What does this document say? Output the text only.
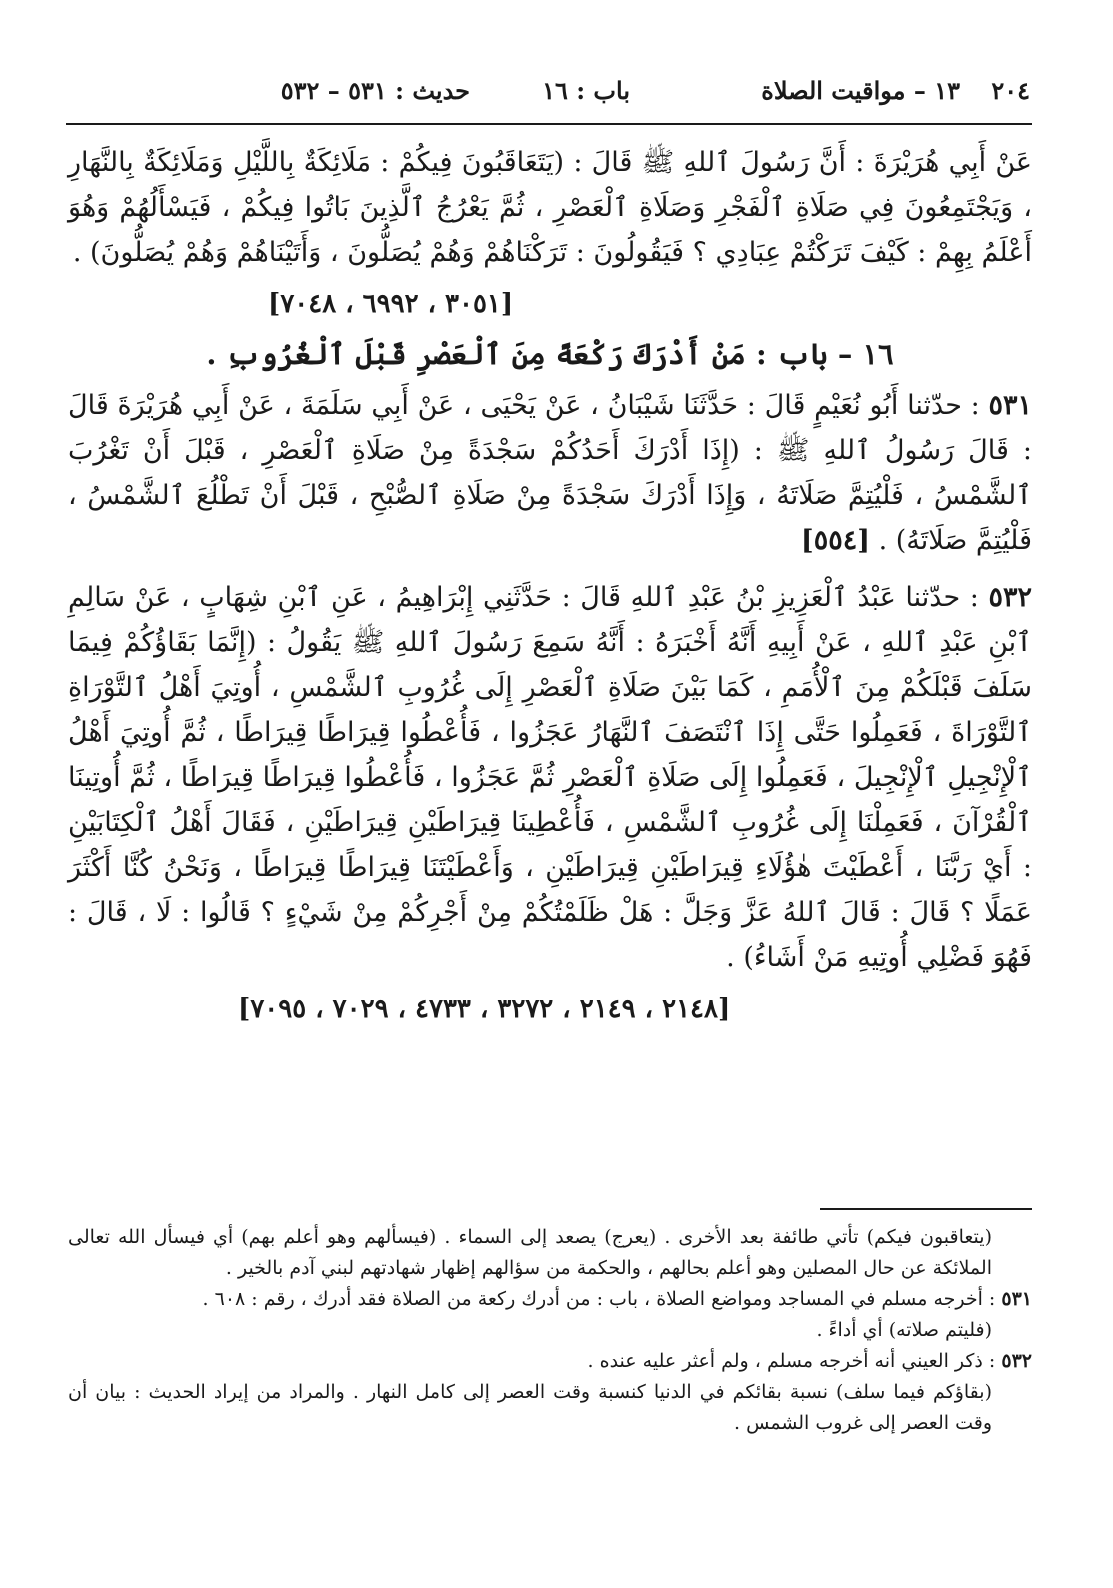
٢٠٤
١٣ – مواقيت الصلاة
باب : ١٦
حديث : ٥٣١ – ٥٣٢

عَنْ أَبِي هُرَيْرَةَ : أَنَّ رَسُولَ ٱللهِ ﷺ قَالَ : (يَتَعَاقَبُونَ فِيكُمْ : مَلَائِكَةٌ بِاللَّيْلِ وَمَلَائِكَةٌ بِالنَّهَارِ ، وَيَجْتَمِعُونَ فِي صَلَاةِ ٱلْفَجْرِ وَصَلَاةِ ٱلْعَصْرِ ، ثُمَّ يَعْرُجُ ٱلَّذِينَ بَاتُوا فِيكُمْ ، فَيَسْأَلُهُمْ وَهُوَ أَعْلَمُ بِهِمْ : كَيْفَ تَرَكْتُمْ عِبَادِي ؟ فَيَقُولُونَ : تَرَكْنَاهُمْ وَهُمْ يُصَلُّونَ ، وَأَتَيْنَاهُمْ وَهُمْ يُصَلُّونَ) .

[٣٠٥١ ، ٦٩٩٢ ، ٧٠٤٨]

١٦ – باب : مَنْ أَدْرَكَ رَكْعَةً مِنَ ٱلْعَصْرِ قَبْلَ ٱلْغُرُوبِ .

٥٣١ : حدّثنا أَبُو نُعَيْمٍ قَالَ : حَدَّثَنَا شَيْبَانُ ، عَنْ يَحْيَى ، عَنْ أَبِي سَلَمَةَ ، عَنْ أَبِي هُرَيْرَةَ قَالَ : قَالَ رَسُولُ ٱللهِ ﷺ : (إِذَا أَدْرَكَ أَحَدُكُمْ سَجْدَةً مِنْ صَلَاةِ ٱلْعَصْرِ ، قَبْلَ أَنْ تَغْرُبَ ٱلشَّمْسُ ، فَلْيُتِمَّ صَلَاتَهُ ، وَإِذَا أَدْرَكَ سَجْدَةً مِنْ صَلَاةِ ٱلصُّبْحِ ، قَبْلَ أَنْ تَطْلُعَ ٱلشَّمْسُ ، فَلْيُتِمَّ صَلَاتَهُ) . [٥٥٤]

٥٣٢ : حدّثنا عَبْدُ ٱلْعَزِيزِ بْنُ عَبْدِ ٱللهِ قَالَ : حَدَّثَنِي إِبْرَاهِيمُ ، عَنِ ٱبْنِ شِهَابٍ ، عَنْ سَالِمِ ٱبْنِ عَبْدِ ٱللهِ ، عَنْ أَبِيهِ أَنَّهُ أَخْبَرَهُ : أَنَّهُ سَمِعَ رَسُولَ ٱللهِ ﷺ يَقُولُ : (إِنَّمَا بَقَاؤُكُمْ فِيمَا سَلَفَ قَبْلَكُمْ مِنَ ٱلْأُمَمِ ، كَمَا بَيْنَ صَلَاةِ ٱلْعَصْرِ إِلَى غُرُوبِ ٱلشَّمْسِ ، أُوتِيَ أَهْلُ ٱلتَّوْرَاةِ ٱلتَّوْرَاةَ ، فَعَمِلُوا حَتَّى إِذَا ٱنْتَصَفَ ٱلنَّهَارُ عَجَزُوا ، فَأُعْطُوا قِيرَاطًا قِيرَاطًا ، ثُمَّ أُوتِيَ أَهْلُ ٱلْإِنْجِيلِ ٱلْإِنْجِيلَ ، فَعَمِلُوا إِلَى صَلَاةِ ٱلْعَصْرِ ثُمَّ عَجَزُوا ، فَأُعْطُوا قِيرَاطًا قِيرَاطًا ، ثُمَّ أُوتِينَا ٱلْقُرْآنَ ، فَعَمِلْنَا إِلَى غُرُوبِ ٱلشَّمْسِ ، فَأُعْطِينَا قِيرَاطَيْنِ قِيرَاطَيْنِ ، فَقَالَ أَهْلُ ٱلْكِتَابَيْنِ : أَيْ رَبَّنَا ، أَعْطَيْتَ هٰؤُلَاءِ قِيرَاطَيْنِ قِيرَاطَيْنِ ، وَأَعْطَيْتَنَا قِيرَاطًا قِيرَاطًا ، وَنَحْنُ كُنَّا أَكْثَرَ عَمَلًا ؟ قَالَ : قَالَ ٱللهُ عَزَّ وَجَلَّ : هَلْ ظَلَمْتُكُمْ مِنْ أَجْرِكُمْ مِنْ شَيْءٍ ؟ قَالُوا : لَا ، قَالَ : فَهُوَ فَضْلِي أُوتِيهِ مَنْ أَشَاءُ) .

[٢١٤٨ ، ٢١٤٩ ، ٣٢٧٢ ، ٤٧٣٣ ، ٧٠٢٩ ، ٧٠٩٥]

(يتعاقبون فيكم) تأتي طائفة بعد الأخرى . (يعرج) يصعد إلى السماء . (فيسألهم وهو أعلم بهم) أي فيسأل الله تعالى الملائكة عن حال المصلين وهو أعلم بحالهم ، والحكمة من سؤالهم إظهار شهادتهم لبني آدم بالخير .

٥٣١ : أخرجه مسلم في المساجد ومواضع الصلاة ، باب : من أدرك ركعة من الصلاة فقد أدرك ، رقم : ٦٠٨ .

(فليتم صلاته) أي أداءً .

٥٣٢ : ذكر العيني أنه أخرجه مسلم ، ولم أعثر عليه عنده .

(بقاؤكم فيما سلف) نسبة بقائكم في الدنيا كنسبة وقت العصر إلى كامل النهار . والمراد من إيراد الحديث : بيان أن وقت العصر إلى غروب الشمس .
